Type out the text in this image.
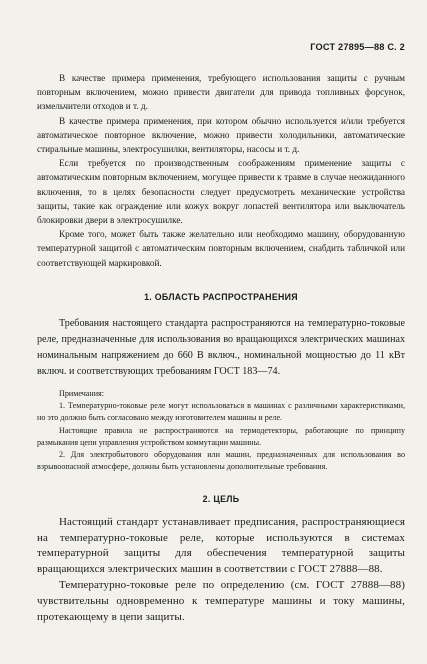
ГОСТ 27895—88 С. 2

В качестве примера применения, требующего использования защиты с ручным повторным включением, можно привести двигатели для привода топливных форсунок, измельчители отходов и т. д.

В качестве примера применения, при котором обычно используется и/или требуется автоматическое повторное включение, можно привести холодильники, автоматические стиральные машины, электросушилки, вентиляторы, насосы и т. д.

Если требуется по производственным соображениям применение защиты с автоматическим повторным включением, могущее привести к травме в случае неожиданного включения, то в целях безопасности следует предусмотреть механические устройства защиты, такие как ограждение или кожух вокруг лопастей вентилятора или выключатель блокировки двери в электросушилке.

Кроме того, может быть также желательно или необходимо машину, оборудованную температурной защитой с автоматическим повторным включением, снабдить табличкой или соответствующей маркировкой.

1. ОБЛАСТЬ РАСПРОСТРАНЕНИЯ

Требования настоящего стандарта распространяются на температурно-токовые реле, предназначенные для использования во вращающихся электрических машинах номинальным напряжением до 660 В включ., номинальной мощностью до 11 кВт включ. и соответствующих требованиям ГОСТ 183—74.

Примечания:

1. Температурно-токовые реле могут использоваться в машинах с различными характеристиками, но это должно быть согласовано между изготовителем машины и реле.

Настоящие правила не распространяются на термодетекторы, работающие по принципу размыкания цепи управления устройством коммутации машины.

2. Для электробытового оборудования или машин, предназначенных для использования во взрывоопасной атмосфере, должны быть установлены дополнительные требования.

2. ЦЕЛЬ

Настоящий стандарт устанавливает предписания, распространяющиеся на температурно-токовые реле, которые используются в системах температурной защиты для обеспечения температурной защиты вращающихся электрических машин в соответствии с ГОСТ 27888—88.

Температурно-токовые реле по определению (см. ГОСТ 27888—88) чувствительны одновременно к температуре машины и току машины, протекающему в цепи защиты.
